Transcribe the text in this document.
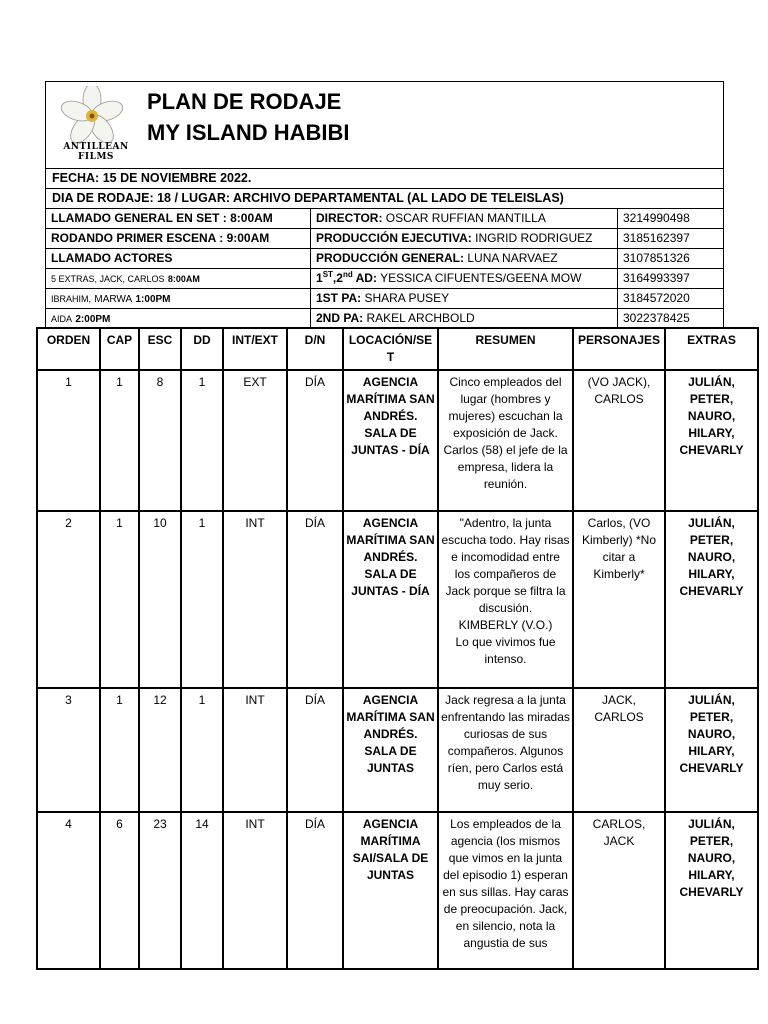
ANTILLEAN FILMS
PLAN DE RODAJE
MY ISLAND HABIBI
FECHA: 15 DE NOVIEMBRE 2022.
DIA DE RODAJE: 18 / LUGAR: ARCHIVO DEPARTAMENTAL (AL LADO DE TELEISLAS)
LLAMADO GENERAL EN SET : 8:00AM	DIRECTOR: OSCAR RUFFIAN MANTILLA	3214990498
RODANDO PRIMER ESCENA : 9:00AM	PRODUCCIÓN EJECUTIVA: INGRID RODRIGUEZ	3185162397
LLAMADO ACTORES	PRODUCCIÓN GENERAL: LUNA NARVAEZ	3107851326
5 EXTRAS, JACK, CARLOS 8:00AM	1ST,2nd AD: YESSICA CIFUENTES/GEENA MOW	3164993397
IBRAHIM, MARWA 1:00PM	1ST PA: SHARA PUSEY	3184572020
AIDA 2:00PM	2ND PA: RAKEL ARCHBOLD	3022378425
ORDEN	CAP	ESC	DD	INT/EXT	D/N	LOCACIÓN/SE T	RESUMEN	PERSONAJES	EXTRAS
1	1	8	1	EXT	DÍA	AGENCIA MARÍTIMA SAN ANDRÉS. SALA DE JUNTAS - DÍA	Cinco empleados del lugar (hombres y mujeres) escuchan la exposición de Jack. Carlos (58) el jefe de la empresa, lidera la reunión.	(VO JACK), CARLOS	JULIÁN, PETER, NAURO, HILARY, CHEVARLY
2	1	10	1	INT	DÍA	AGENCIA MARÍTIMA SAN ANDRÉS. SALA DE JUNTAS - DÍA	"Adentro, la junta escucha todo. Hay risas e incomodidad entre
los compañeros de Jack porque se filtra la discusión.
KIMBERLY (V.O.)
Lo que vivimos fue intenso.	Carlos, (VO Kimberly) *No citar a Kimberly*	JULIÁN, PETER, NAURO, HILARY, CHEVARLY
3	1	12	1	INT	DÍA	AGENCIA MARÍTIMA SAN ANDRÉS. SALA DE JUNTAS	Jack regresa a la junta enfrentando las miradas curiosas de sus compañeros. Algunos ríen, pero Carlos está muy serio.	JACK, CARLOS	JULIÁN, PETER, NAURO, HILARY, CHEVARLY
4	6	23	14	INT	DÍA	AGENCIA MARÍTIMA SAI/SALA DE JUNTAS	Los empleados de la agencia (los mismos que vimos en la junta del episodio 1) esperan en sus sillas. Hay caras de preocupación. Jack, en silencio, nota la angustia de sus	CARLOS, JACK	JULIÁN, PETER, NAURO, HILARY, CHEVARLY
